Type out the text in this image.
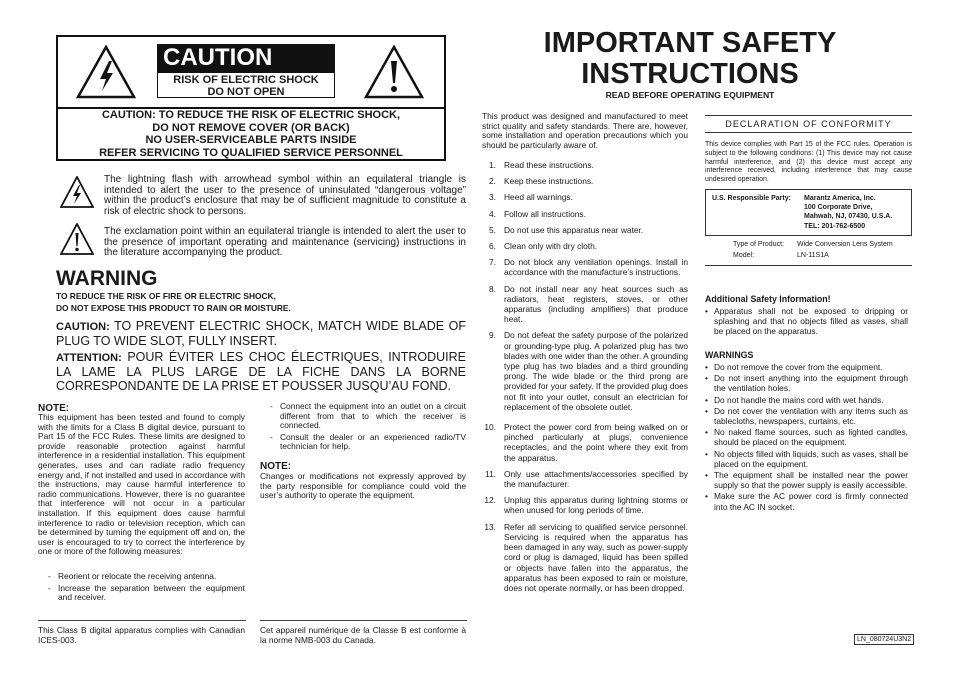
CAUTION
RISK OF ELECTRIC SHOCK
DO NOT OPEN
CAUTION: TO REDUCE THE RISK OF ELECTRIC SHOCK,
DO NOT REMOVE COVER (OR BACK)
NO USER-SERVICEABLE PARTS INSIDE
REFER SERVICING TO QUALIFIED SERVICE PERSONNEL
The lightning flash with arrowhead symbol within an equilateral triangle is intended to alert the user to the presence of uninsulated “dangerous voltage” within the product’s enclosure that may be of sufficient magnitude to constitute a risk of electric shock to persons.
The exclamation point within an equilateral triangle is intended to alert the user to the presence of important operating and maintenance (servicing) instructions in the literature accompanying the product.
WARNING
TO REDUCE THE RISK OF FIRE OR ELECTRIC SHOCK,
DO NOT EXPOSE THIS PRODUCT TO RAIN OR MOISTURE.
CAUTION: TO PREVENT ELECTRIC SHOCK, MATCH WIDE BLADE OF PLUG TO WIDE SLOT, FULLY INSERT.
ATTENTION: POUR ÉVITER LES CHOC ÉLECTRIQUES, INTRODUIRE LA LAME LA PLUS LARGE DE LA FICHE DANS LA BORNE CORRESPONDANTE DE LA PRISE ET POUSSER JUSQU’AU FOND.
NOTE:
This equipment has been tested and found to comply with the limits for a Class B digital device, pursuant to Part 15 of the FCC Rules. These limits are designed to provide reasonable protection against harmful interference in a residential installation. This equipment generates, uses and can radiate radio frequency energy and, if not installed and used in accordance with the instructions, may cause harmful interference to radio communications. However, there is no guarantee that interference will not occur in a particular installation. If this equipment does cause harmful interference to radio or television reception, which can be determined by turning the equipment off and on, the user is encouraged to try to correct the interference by one or more of the following measures:
- Reorient or relocate the receiving antenna.
- Increase the separation between the equipment and receiver.
- Connect the equipment into an outlet on a circuit different from that to which the receiver is connected.
- Consult the dealer or an experienced radio/TV technician for help.
NOTE:
Changes or modifications not expressly approved by the party responsible for compliance could void the user’s authority to operate the equipment.
This Class B digital apparatus complies with Canadian ICES-003.
Cet appareil numérique de la Classe B est conforme à la norme NMB-003 du Canada.
IMPORTANT SAFETY
INSTRUCTIONS
READ BEFORE OPERATING EQUIPMENT
This product was designed and manufactured to meet strict quality and safety standards. There are, however, some installation and operation precautions which you should be particularly aware of.
1. Read these instructions.
2. Keep these instructions.
3. Heed all warnings.
4. Follow all instructions.
5. Do not use this apparatus near water.
6. Clean only with dry cloth.
7. Do not block any ventilation openings. Install in accordance with the manufacture’s instructions.
8. Do not install near any heat sources such as radiators, heat registers, stoves, or other apparatus (including amplifiers) that produce heat.
9. Do not defeat the safety purpose of the polarized or grounding-type plug. A polarized plug has two blades with one wider than the other. A grounding type plug has two blades and a third grounding prong. The wide blade or the third prong are provided for your safety. If the provided plug does not fit into your outlet, consult an electrician for replacement of the obsolete outlet.
10. Protect the power cord from being walked on or pinched particularly at plugs, convenience receptacles, and the point where they exit from the apparatus.
11. Only use attachments/accessories specified by the manufacturer.
12. Unplug this apparatus during lightning storms or when unused for long periods of time.
13. Refer all servicing to qualified service personnel. Servicing is required when the apparatus has been damaged in any way, such as power-supply cord or plug is damaged, liquid has been spilled or objects have fallen into the apparatus, the apparatus has been exposed to rain or moisture, does not operate normally, or has been dropped.
DECLARATION OF CONFORMITY
This device complies with Part 15 of the FCC rules. Operation is subject to the following conditions: (1) This device may not cause harmful interference, and (2) this device must accept any interference received, including interference that may cause undesired operation.
U.S. Responsible Party:	Marantz America, Inc.
100 Corporate Drive,
Mahwah, NJ, 07430, U.S.A.
TEL: 201-762-6500
Type of Product:
Model:
Wide Conversion Lens System
LN-11S1A
Additional Safety Information!
• Apparatus shall not be exposed to dripping or splashing and that no objects filled as vases, shall be placed on the apparatus.
WARNINGS
• Do not remove the cover from the equipment.
• Do not insert anything into the equipment through the ventilation holes.
• Do not handle the mains cord with wet hands.
• Do not cover the ventilation with any items such as tablecloths, newspapers, curtains, etc.
• No naked flame sources, such as lighted candles, should be placed on the equipment.
• No objects filled with liquids, such as vases, shall be placed on the equipment.
• The equipment shall be installed near the power supply so that the power supply is easily accessible.
• Make sure the AC power cord is firmly connected into the AC IN socket.
LN_080724U3N2
